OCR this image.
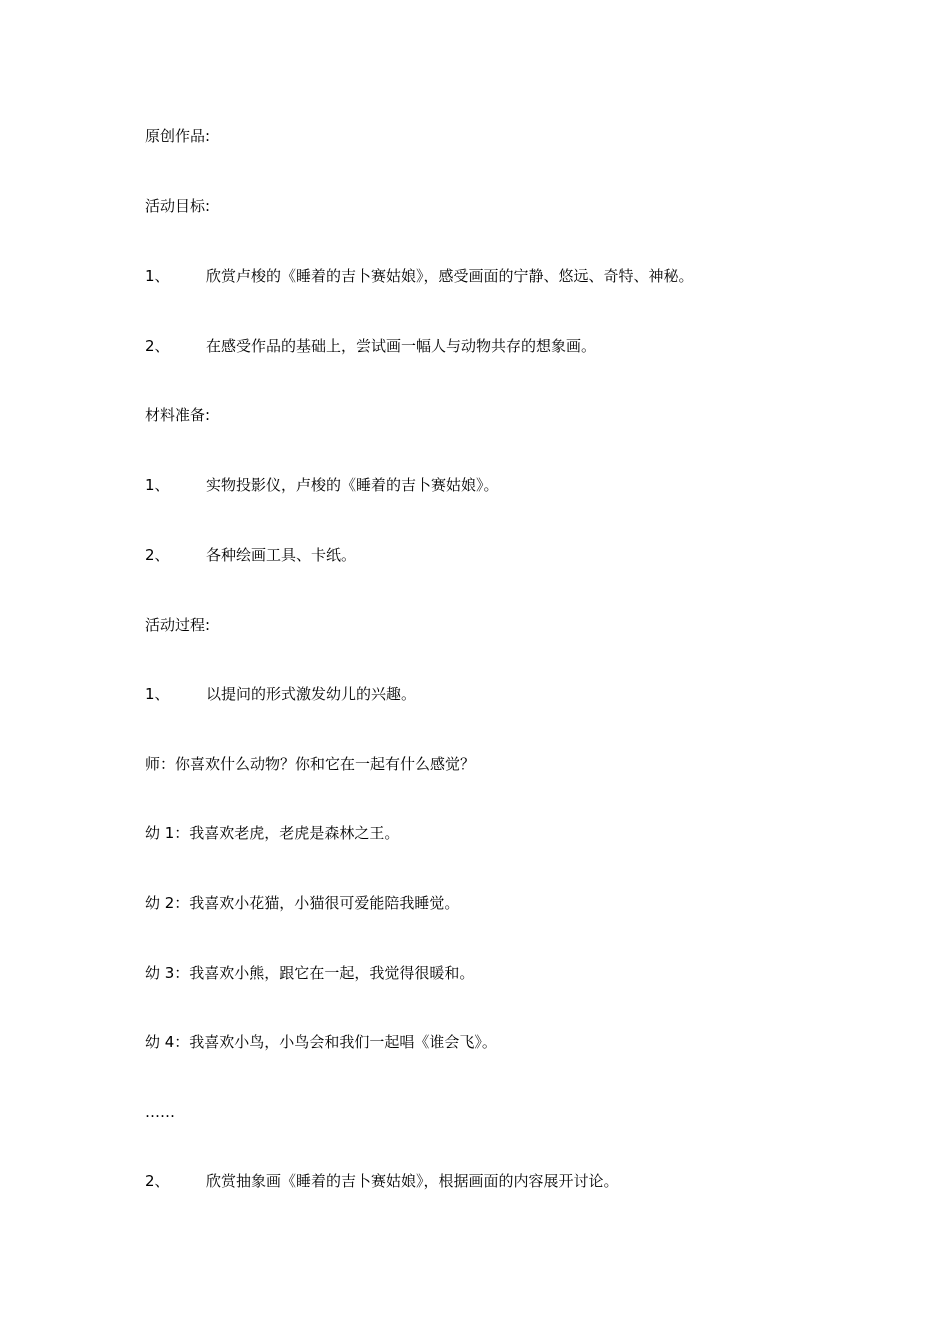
原创作品:
活动目标:
1、 欣赏卢梭的《睡着的吉卜赛姑娘》，感受画面的宁静、悠远、奇特、神秘。
2、 在感受作品的基础上，尝试画一幅人与动物共存的想象画。
材料准备:
1、 实物投影仪，卢梭的《睡着的吉卜赛姑娘》。
2、 各种绘画工具、卡纸。
活动过程:
1、 以提问的形式激发幼儿的兴趣。
师：你喜欢什么动物？你和它在一起有什么感觉？
幼 1：我喜欢老虎，老虎是森林之王。
幼 2：我喜欢小花猫，小猫很可爱能陪我睡觉。
幼 3：我喜欢小熊，跟它在一起，我觉得很暖和。
幼 4：我喜欢小鸟，小鸟会和我们一起唱《谁会飞》。
……
2、 欣赏抽象画《睡着的吉卜赛姑娘》，根据画面的内容展开讨论。
